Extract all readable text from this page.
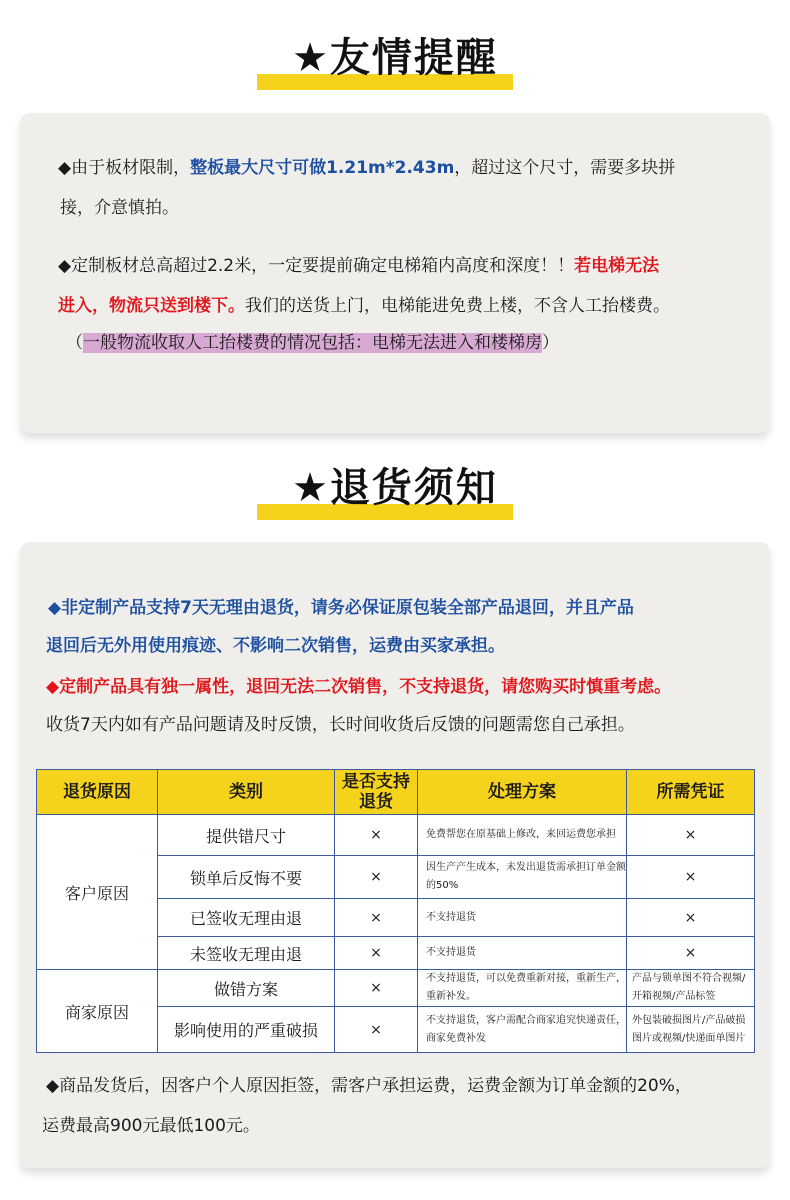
★友情提醒
◆由于板材限制，整板最大尺寸可做1.21m*2.43m，超过这个尺寸，需要多块拼
接，介意慎拍。
◆定制板材总高超过2.2米，一定要提前确定电梯箱内高度和深度！！若电梯无法
进入，物流只送到楼下。我们的送货上门，电梯能进免费上楼，不含人工抬楼费。
（一般物流收取人工抬楼费的情况包括：电梯无法进入和楼梯房）
★退货须知
◆非定制产品支持7天无理由退货，请务必保证原包装全部产品退回，并且产品
退回后无外用使用痕迹、不影响二次销售，运费由买家承担。
◆定制产品具有独一属性，退回无法二次销售，不支持退货，请您购买时慎重考虑。
收货7天内如有产品问题请及时反馈，长时间收货后反馈的问题需您自己承担。
退货原因	类别	是否支持退货	处理方案	所需凭证
客户原因	提供错尺寸	×	免费帮您在原基础上修改，来回运费您承担	×
	锁单后反悔不要	×	因生产产生成本，未发出退货需承担订单金额的50%	×
	已签收无理由退	×	不支持退货	×
	未签收无理由退	×	不支持退货	×
商家原因	做错方案	×	不支持退货，可以免费重新对接，重新生产，重新补发。	产品与锁单图不符合视频/开箱视频/产品标签
	影响使用的严重破损	×	不支持退货，客户需配合商家追究快递责任，商家免费补发	外包装破损图片/产品破损图片或视频/快递面单图片
◆商品发货后，因客户个人原因拒签，需客户承担运费，运费金额为订单金额的20%，
运费最高900元最低100元。
